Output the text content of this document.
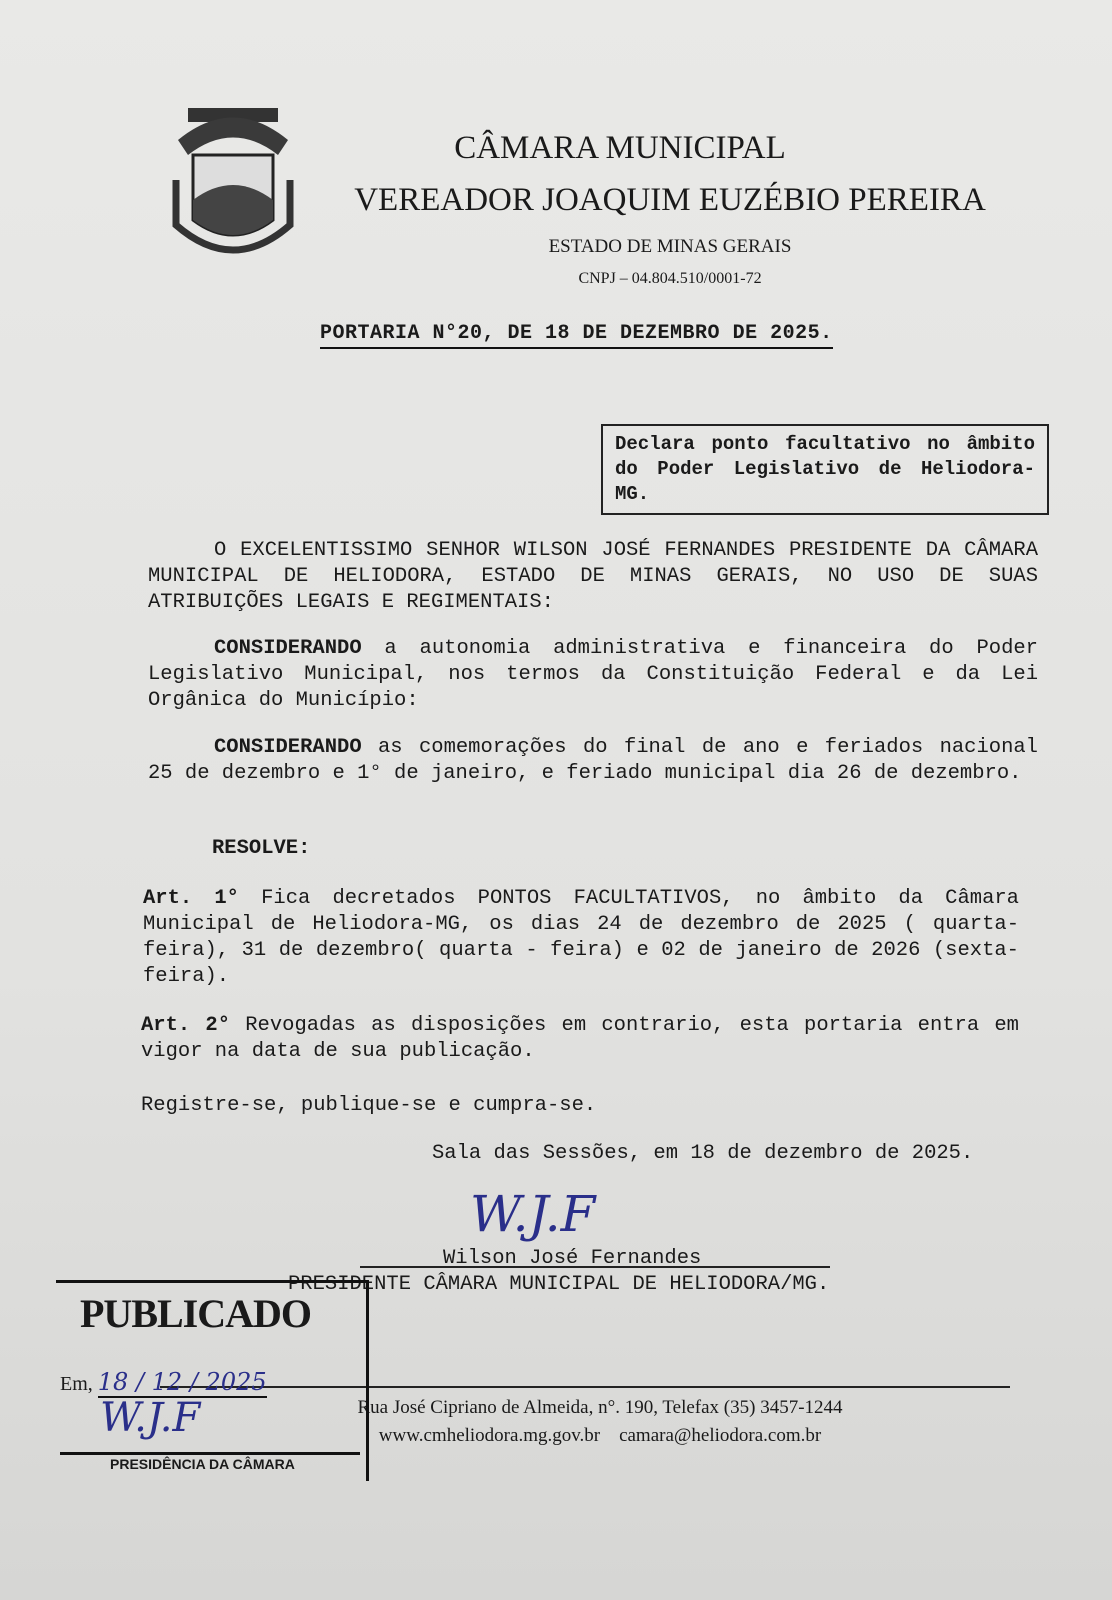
CÂMARA MUNICIPAL
VEREADOR JOAQUIM EUZÉBIO PEREIRA
ESTADO DE MINAS GERAIS
CNPJ – 04.804.510/0001-72
PORTARIA N°20, DE 18 DE DEZEMBRO DE 2025.
Declara ponto facultativo no âmbito do Poder Legislativo de Heliodora-MG.
O EXCELENTISSIMO SENHOR WILSON JOSÉ FERNANDES PRESIDENTE DA CÂMARA MUNICIPAL DE HELIODORA, ESTADO DE MINAS GERAIS, NO USO DE SUAS ATRIBUIÇÕES LEGAIS E REGIMENTAIS:
CONSIDERANDO a autonomia administrativa e financeira do Poder Legislativo Municipal, nos termos da Constituição Federal e da Lei Orgânica do Município:
CONSIDERANDO as comemorações do final de ano e feriados nacional 25 de dezembro e 1° de janeiro, e feriado municipal dia 26 de dezembro.
RESOLVE:
Art. 1° Fica decretados PONTOS FACULTATIVOS, no âmbito da Câmara Municipal de Heliodora-MG, os dias 24 de dezembro de 2025 ( quarta-feira), 31 de dezembro( quarta - feira) e 02 de janeiro de 2026 (sexta-feira).
Art. 2° Revogadas as disposições em contrario, esta portaria entra em vigor na data de sua publicação.
Registre-se, publique-se e cumpra-se.
Sala das Sessões, em 18 de dezembro de 2025.
W.J.F
Wilson José Fernandes
PRESIDENTE CÂMARA MUNICIPAL DE HELIODORA/MG.
Rua José Cipriano de Almeida, n°. 190, Telefax (35) 3457-1244
www.cmheliodora.mg.gov.br camara@heliodora.com.br
PUBLICADO
Em, 18 / 12 / 2025
W.J.F
PRESIDÊNCIA DA CÂMARA
